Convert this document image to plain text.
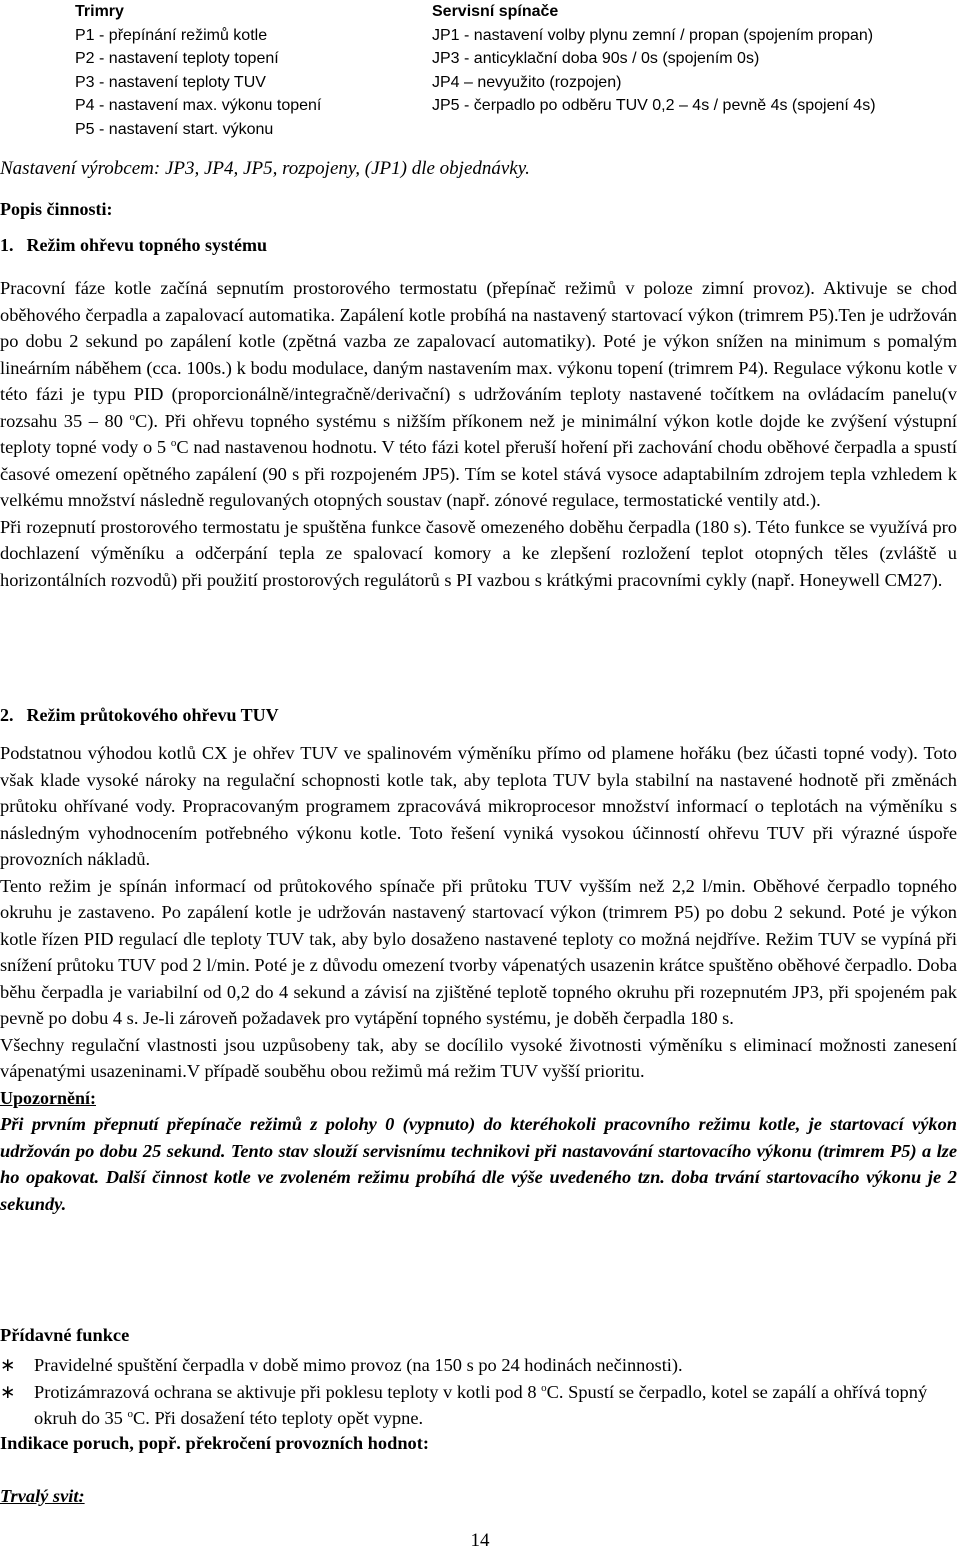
Trimry
P1 - přepínání režimů kotle
P2 - nastavení teploty topení
P3 - nastavení teploty TUV
P4 - nastavení max. výkonu topení
P5 - nastavení start. výkonu
Servisní spínače
JP1 - nastavení volby plynu zemní / propan (spojením propan)
JP3 - anticyklační doba 90s / 0s (spojením 0s)
JP4 – nevyužito (rozpojen)
JP5 - čerpadlo po odběru TUV 0,2 – 4s / pevně 4s (spojení 4s)
Nastavení výrobcem: JP3, JP4, JP5, rozpojeny, (JP1) dle objednávky.
Popis činnosti:
1. Režim ohřevu topného systému

Pracovní fáze kotle začíná sepnutím prostorového termostatu (přepínač režimů v poloze zimní provoz). Aktivuje se chod oběhového čerpadla a zapalovací automatika. Zapálení kotle probíhá na nastavený startovací výkon (trimrem P5).Ten je udržován po dobu 2 sekund po zapálení kotle (zpětná vazba ze zapalovací automatiky). Poté je výkon snížen na minimum s pomalým lineárním náběhem (cca. 100s.) k bodu modulace, daným nastavením max. výkonu topení (trimrem P4). Regulace výkonu kotle v této fázi je typu PID (proporcionálně/integračně/derivační) s udržováním teploty nastavené točítkem na ovládacím panelu(v rozsahu 35 – 80 $^o$C). Při ohřevu topného systému s nižším příkonem než je minimální výkon kotle dojde ke zvýšení výstupní teploty topné vody o 5 $^o$C nad nastavenou hodnotu. V této fázi kotel přeruší hoření při zachování chodu oběhové čerpadla a spustí časové omezení opětného zapálení (90 s při rozpojeném JP5). Tím se kotel stává vysoce adaptabilním zdrojem tepla vzhledem k velkému množství následně regulovaných otopných soustav (např. zónové regulace, termostatické ventily atd.).

Při rozepnutí prostorového termostatu je spuštěna funkce časově omezeného doběhu čerpadla (180 s). Této funkce se využívá pro dochlazení výměníku a odčerpání tepla ze spalovací komory a ke zlepšení rozložení teplot otopných těles (zvláště u horizontálních rozvodů) při použití prostorových regulátorů s PI vazbou s krátkými pracovními cykly (např. Honeywell CM27).

2. Režim průtokového ohřevu TUV

Podstatnou výhodou kotlů CX je ohřev TUV ve spalinovém výměníku přímo od plamene hořáku (bez účasti topné vody). Toto však klade vysoké nároky na regulační schopnosti kotle tak, aby teplota TUV byla stabilní na nastavené hodnotě při změnách průtoku ohřívané vody. Propracovaným programem zpracovává mikroprocesor množství informací o teplotách na výměníku s následným vyhodnocením potřebného výkonu kotle. Toto řešení vyniká vysokou účinností ohřevu TUV při výrazné úspoře provozních nákladů.

Tento režim je spínán informací od průtokového spínače při průtoku TUV vyšším než 2,2 l/min. Oběhové čerpadlo topného okruhu je zastaveno. Po zapálení kotle je udržován nastavený startovací výkon (trimrem P5) po dobu 2 sekund. Poté je výkon kotle řízen PID regulací dle teploty TUV tak, aby bylo dosaženo nastavené teploty co možná nejdříve. Režim TUV se vypíná při snížení průtoku TUV pod 2 l/min. Poté je z důvodu omezení tvorby vápenatých usazenin krátce spuštěno oběhové čerpadlo. Doba běhu čerpadla je variabilní od 0,2 do 4 sekund a závisí na zjištěné teplotě topného okruhu při rozepnutém JP3, při spojeném pak pevně po dobu 4 s. Je-li zároveň požadavek pro vytápění topného systému, je doběh čerpadla 180 s.

Všechny regulační vlastnosti jsou uzpůsobeny tak, aby se docílilo vysoké životnosti výměníku s eliminací možnosti zanesení vápenatými usazeninami.V případě souběhu obou režimů má režim TUV vyšší prioritu.

Upozornění:

Při prvním přepnutí přepínače režimů z polohy 0 (vypnuto) do kteréhokoli pracovního režimu kotle, je startovací výkon udržován po dobu 25 sekund. Tento stav slouží servisnímu technikovi při nastavování startovacího výkonu (trimrem P5) a lze ho opakovat. Další činnost kotle ve zvoleném režimu probíhá dle výše uvedeného tzn. doba trvání startovacího výkonu je 2 sekundy.

Přídavné funkce
∗ Pravidelné spuštění čerpadla v době mimo provoz (na 150 s po 24 hodinách nečinnosti).
∗ Protizámrazová ochrana se aktivuje při poklesu teploty v kotli pod 8 $^o$C. Spustí se čerpadlo, kotel se zapálí a ohřívá topný okruh do 35 $^o$C. Při dosažení této teploty opět vypne.
Indikace poruch, popř. překročení provozních hodnot:
Trvalý svit:
14
